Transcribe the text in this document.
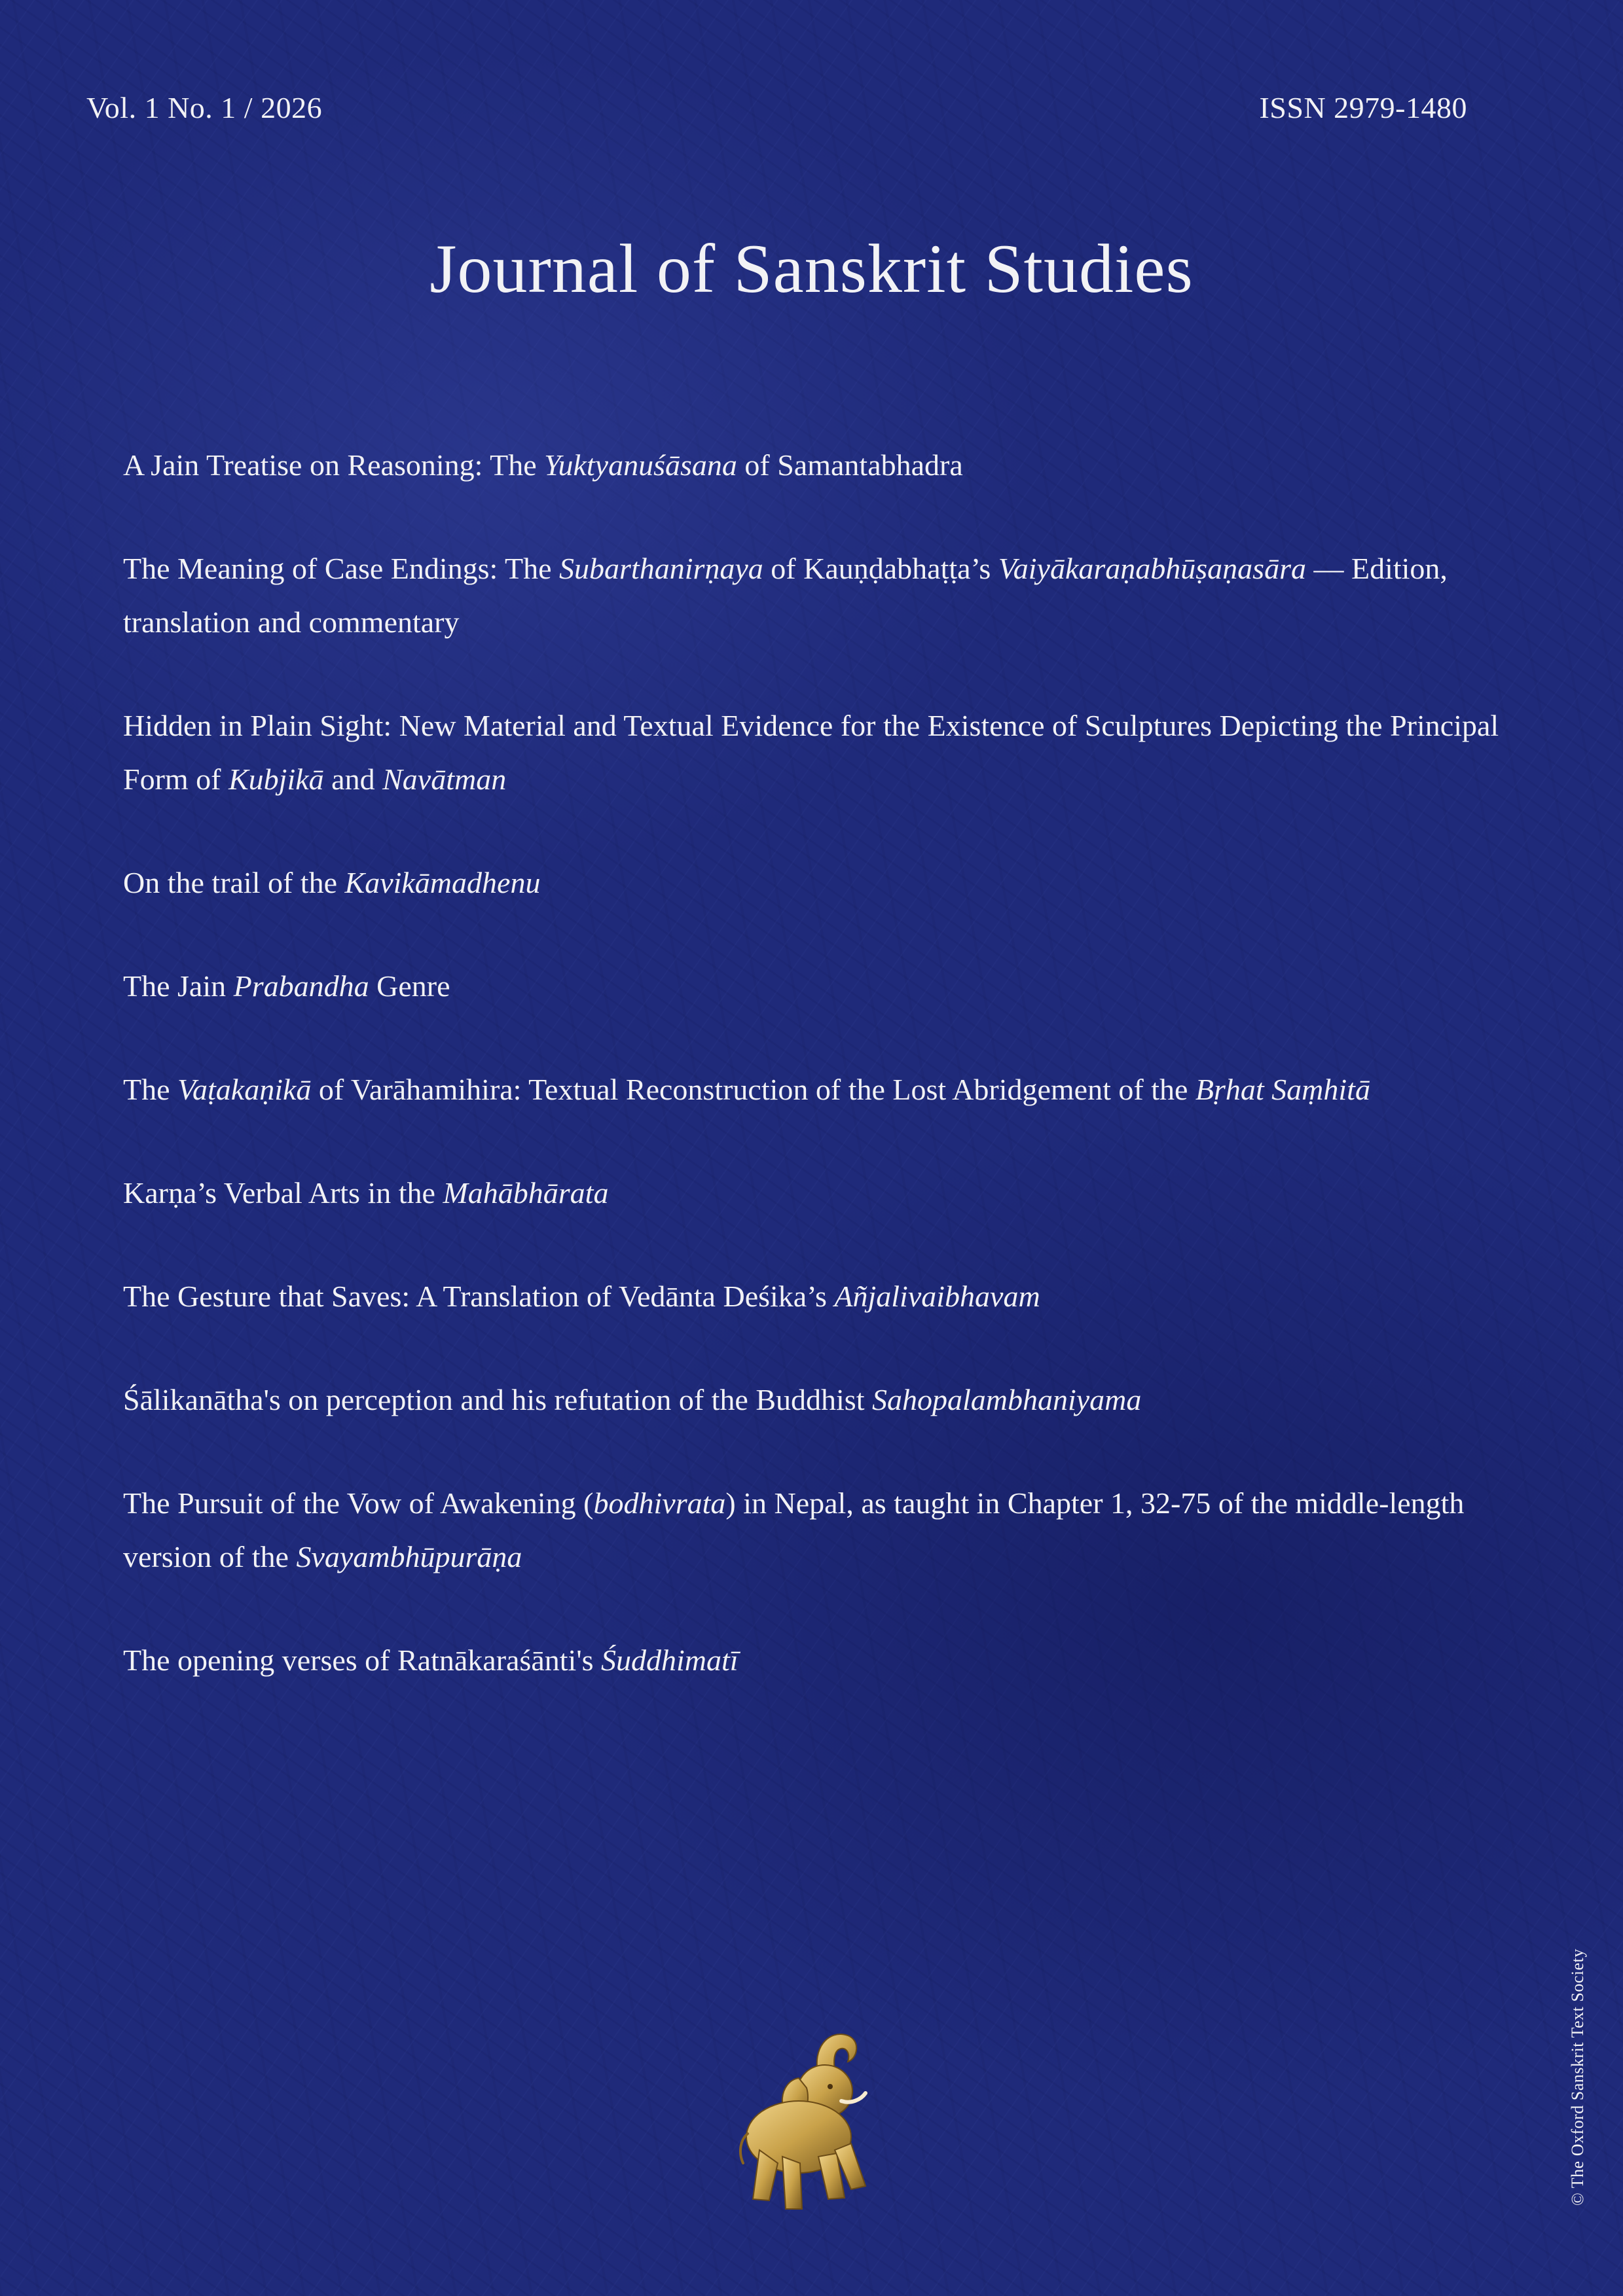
Vol. 1 No. 1 / 2026	ISSN 2979-1480
Journal of Sanskrit Studies
A Jain Treatise on Reasoning: The Yuktyanuśāsana of Samantabhadra
The Meaning of Case Endings: The Subarthanirṇaya of Kauṇḍabhaṭṭa’s Vaiyākaraṇabhūṣaṇasāra — Edition, translation and commentary
Hidden in Plain Sight: New Material and Textual Evidence for the Existence of Sculptures Depicting the Principal Form of Kubjikā and Navātman
On the trail of the Kavikāmadhenu
The Jain Prabandha Genre
The Vaṭakaṇikā of Varāhamihira: Textual Reconstruction of the Lost Abridgement of the Bṛhat Saṃhitā
Karṇa’s Verbal Arts in the Mahābhārata
The Gesture that Saves: A Translation of Vedānta Deśika’s Añjalivaibhavam
Śālikanātha's on perception and his refutation of the Buddhist Sahopalambhaniyama
The Pursuit of the Vow of Awakening (bodhivrata) in Nepal, as taught in Chapter 1, 32-75 of the middle-length version of the Svayambhūpurāṇa
The opening verses of Ratnākaraśānti's Śuddhimatī
© The Oxford Sanskrit Text Society
